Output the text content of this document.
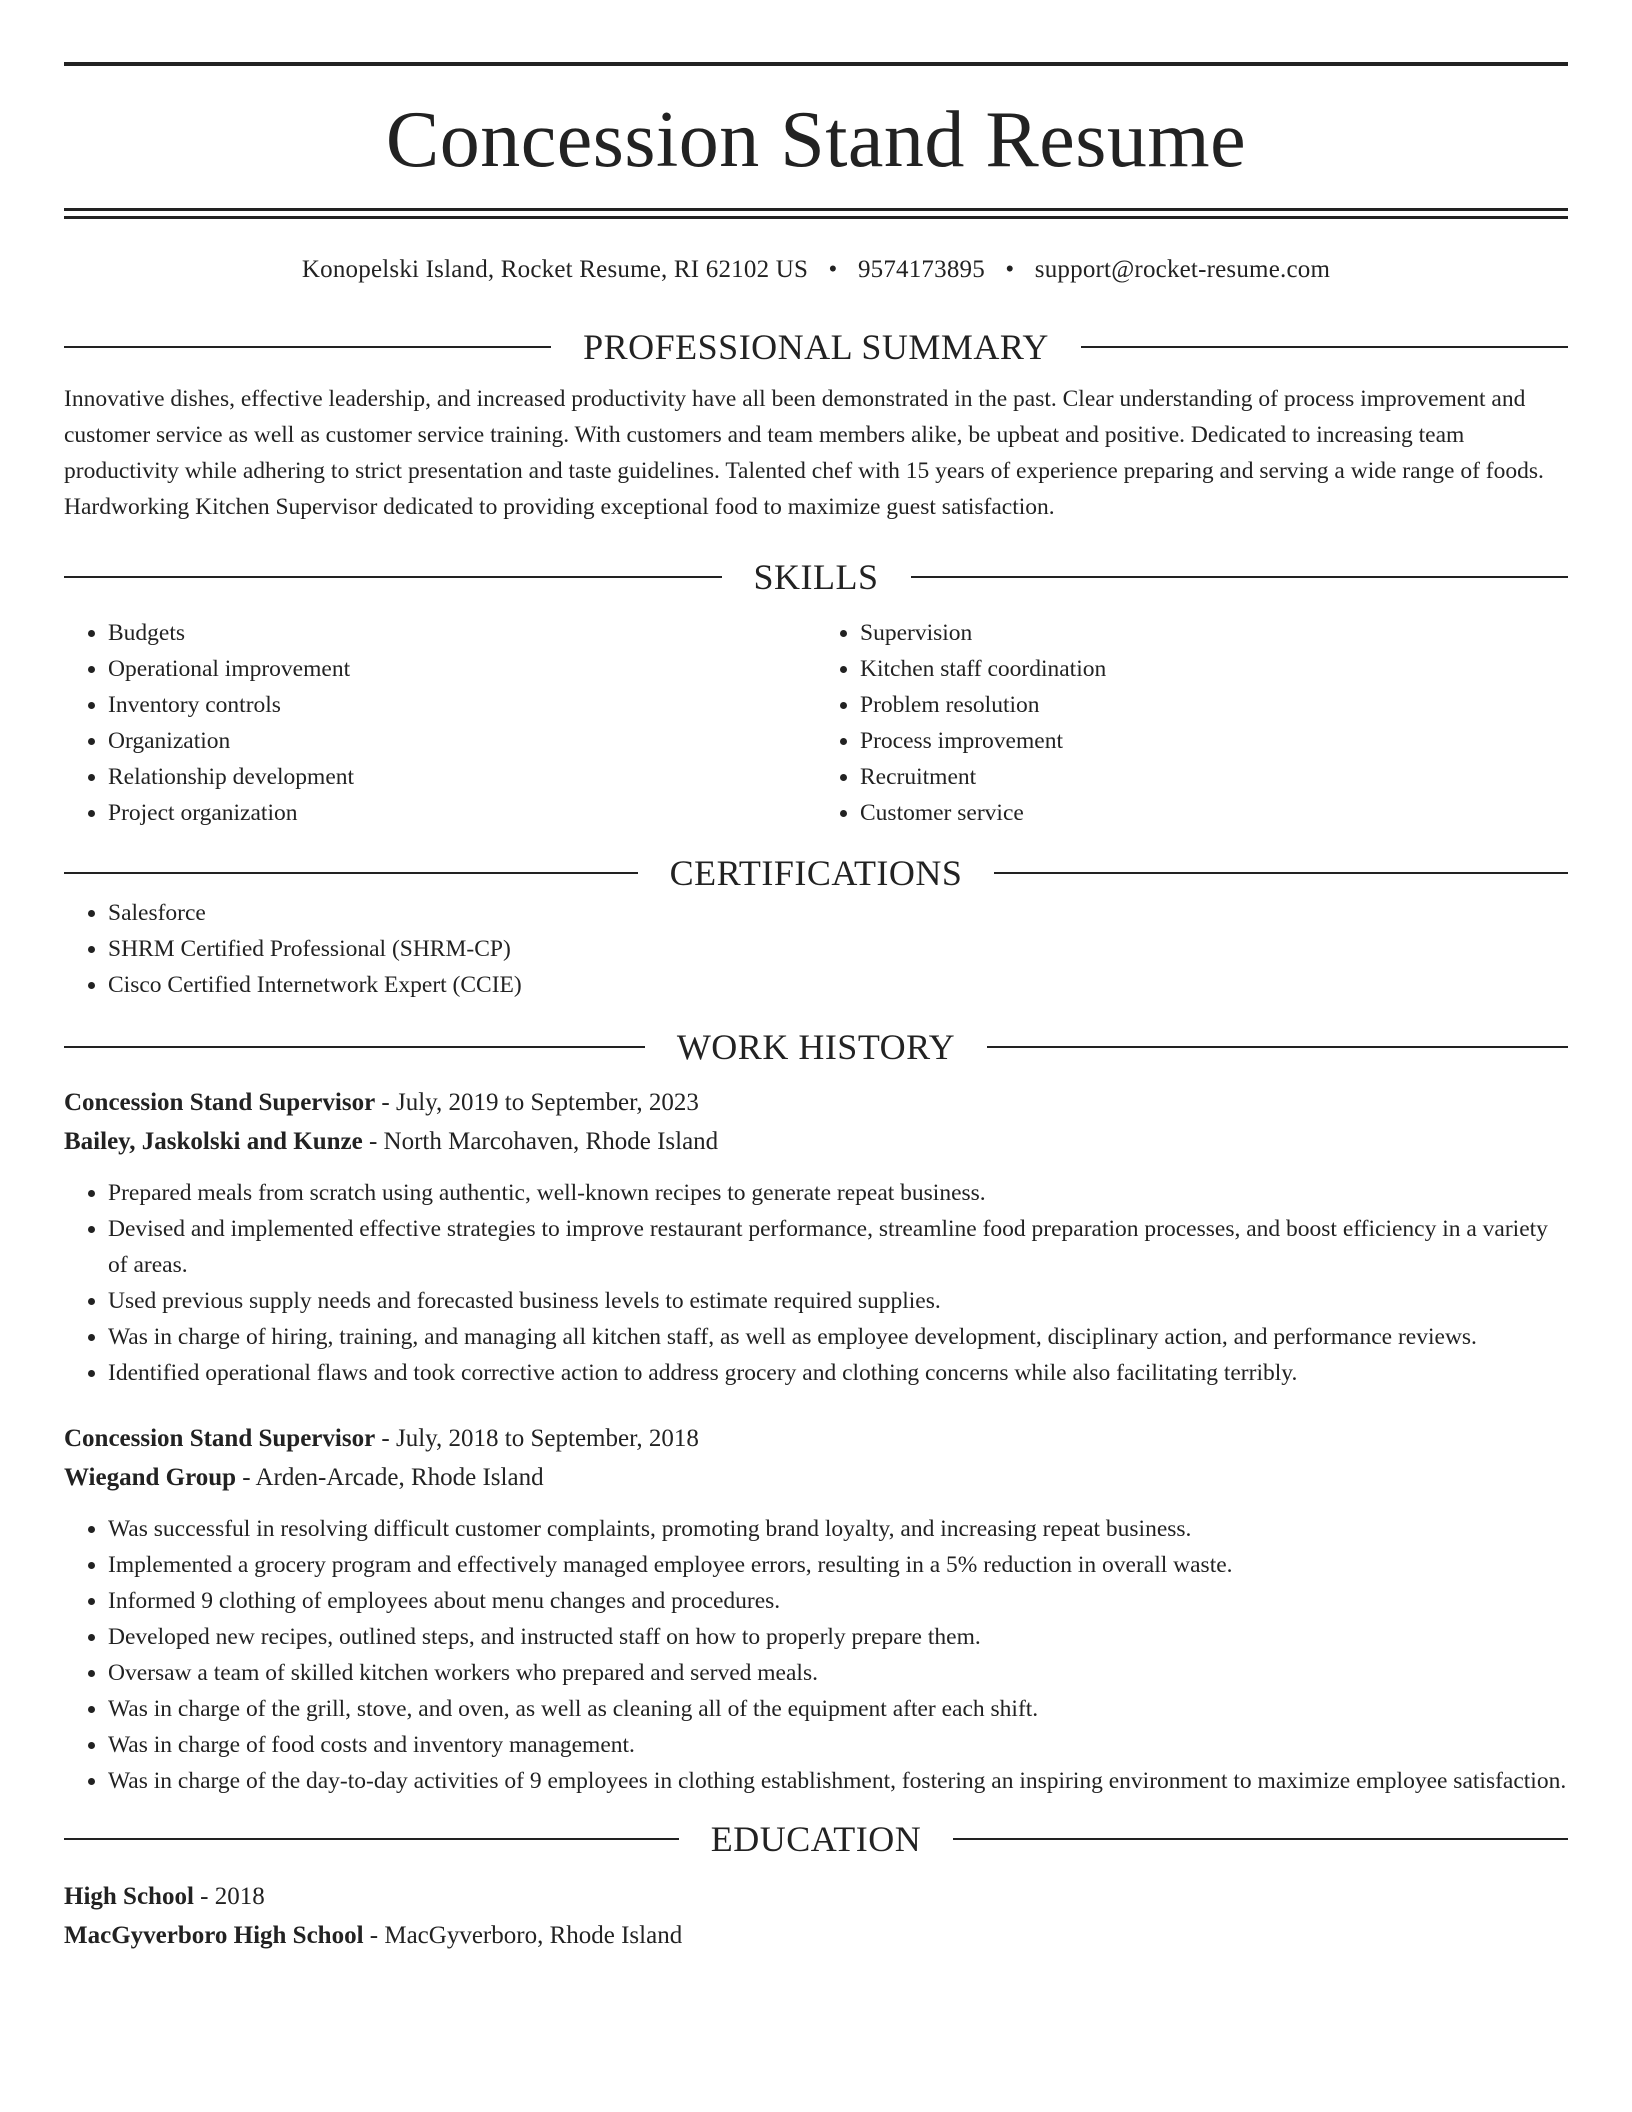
Concession Stand Resume
Konopelski Island, Rocket Resume, RI 62102 US • 9574173895 • support@rocket-resume.com
PROFESSIONAL SUMMARY

Innovative dishes, effective leadership, and increased productivity have all been demonstrated in the past. Clear understanding of process improvement and customer service as well as customer service training. With customers and team members alike, be upbeat and positive. Dedicated to increasing team productivity while adhering to strict presentation and taste guidelines. Talented chef with 15 years of experience preparing and serving a wide range of foods. Hardworking Kitchen Supervisor dedicated to providing exceptional food to maximize guest satisfaction.

SKILLS
• Budgets
• Operational improvement
• Inventory controls
• Organization
• Relationship development
• Project organization
• Supervision
• Kitchen staff coordination
• Problem resolution
• Process improvement
• Recruitment
• Customer service
CERTIFICATIONS
• Salesforce
• SHRM Certified Professional (SHRM-CP)
• Cisco Certified Internetwork Expert (CCIE)
WORK HISTORY
Concession Stand Supervisor - July, 2019 to September, 2023
Bailey, Jaskolski and Kunze - North Marcohaven, Rhode Island
• Prepared meals from scratch using authentic, well-known recipes to generate repeat business.
• Devised and implemented effective strategies to improve restaurant performance, streamline food preparation processes, and boost efficiency in a variety of areas.
• Used previous supply needs and forecasted business levels to estimate required supplies.
• Was in charge of hiring, training, and managing all kitchen staff, as well as employee development, disciplinary action, and performance reviews.
• Identified operational flaws and took corrective action to address grocery and clothing concerns while also facilitating terribly.
Concession Stand Supervisor - July, 2018 to September, 2018
Wiegand Group - Arden-Arcade, Rhode Island
• Was successful in resolving difficult customer complaints, promoting brand loyalty, and increasing repeat business.
• Implemented a grocery program and effectively managed employee errors, resulting in a 5% reduction in overall waste.
• Informed 9 clothing of employees about menu changes and procedures.
• Developed new recipes, outlined steps, and instructed staff on how to properly prepare them.
• Oversaw a team of skilled kitchen workers who prepared and served meals.
• Was in charge of the grill, stove, and oven, as well as cleaning all of the equipment after each shift.
• Was in charge of food costs and inventory management.
• Was in charge of the day-to-day activities of 9 employees in clothing establishment, fostering an inspiring environment to maximize employee satisfaction.
EDUCATION
High School - 2018
MacGyverboro High School - MacGyverboro, Rhode Island
